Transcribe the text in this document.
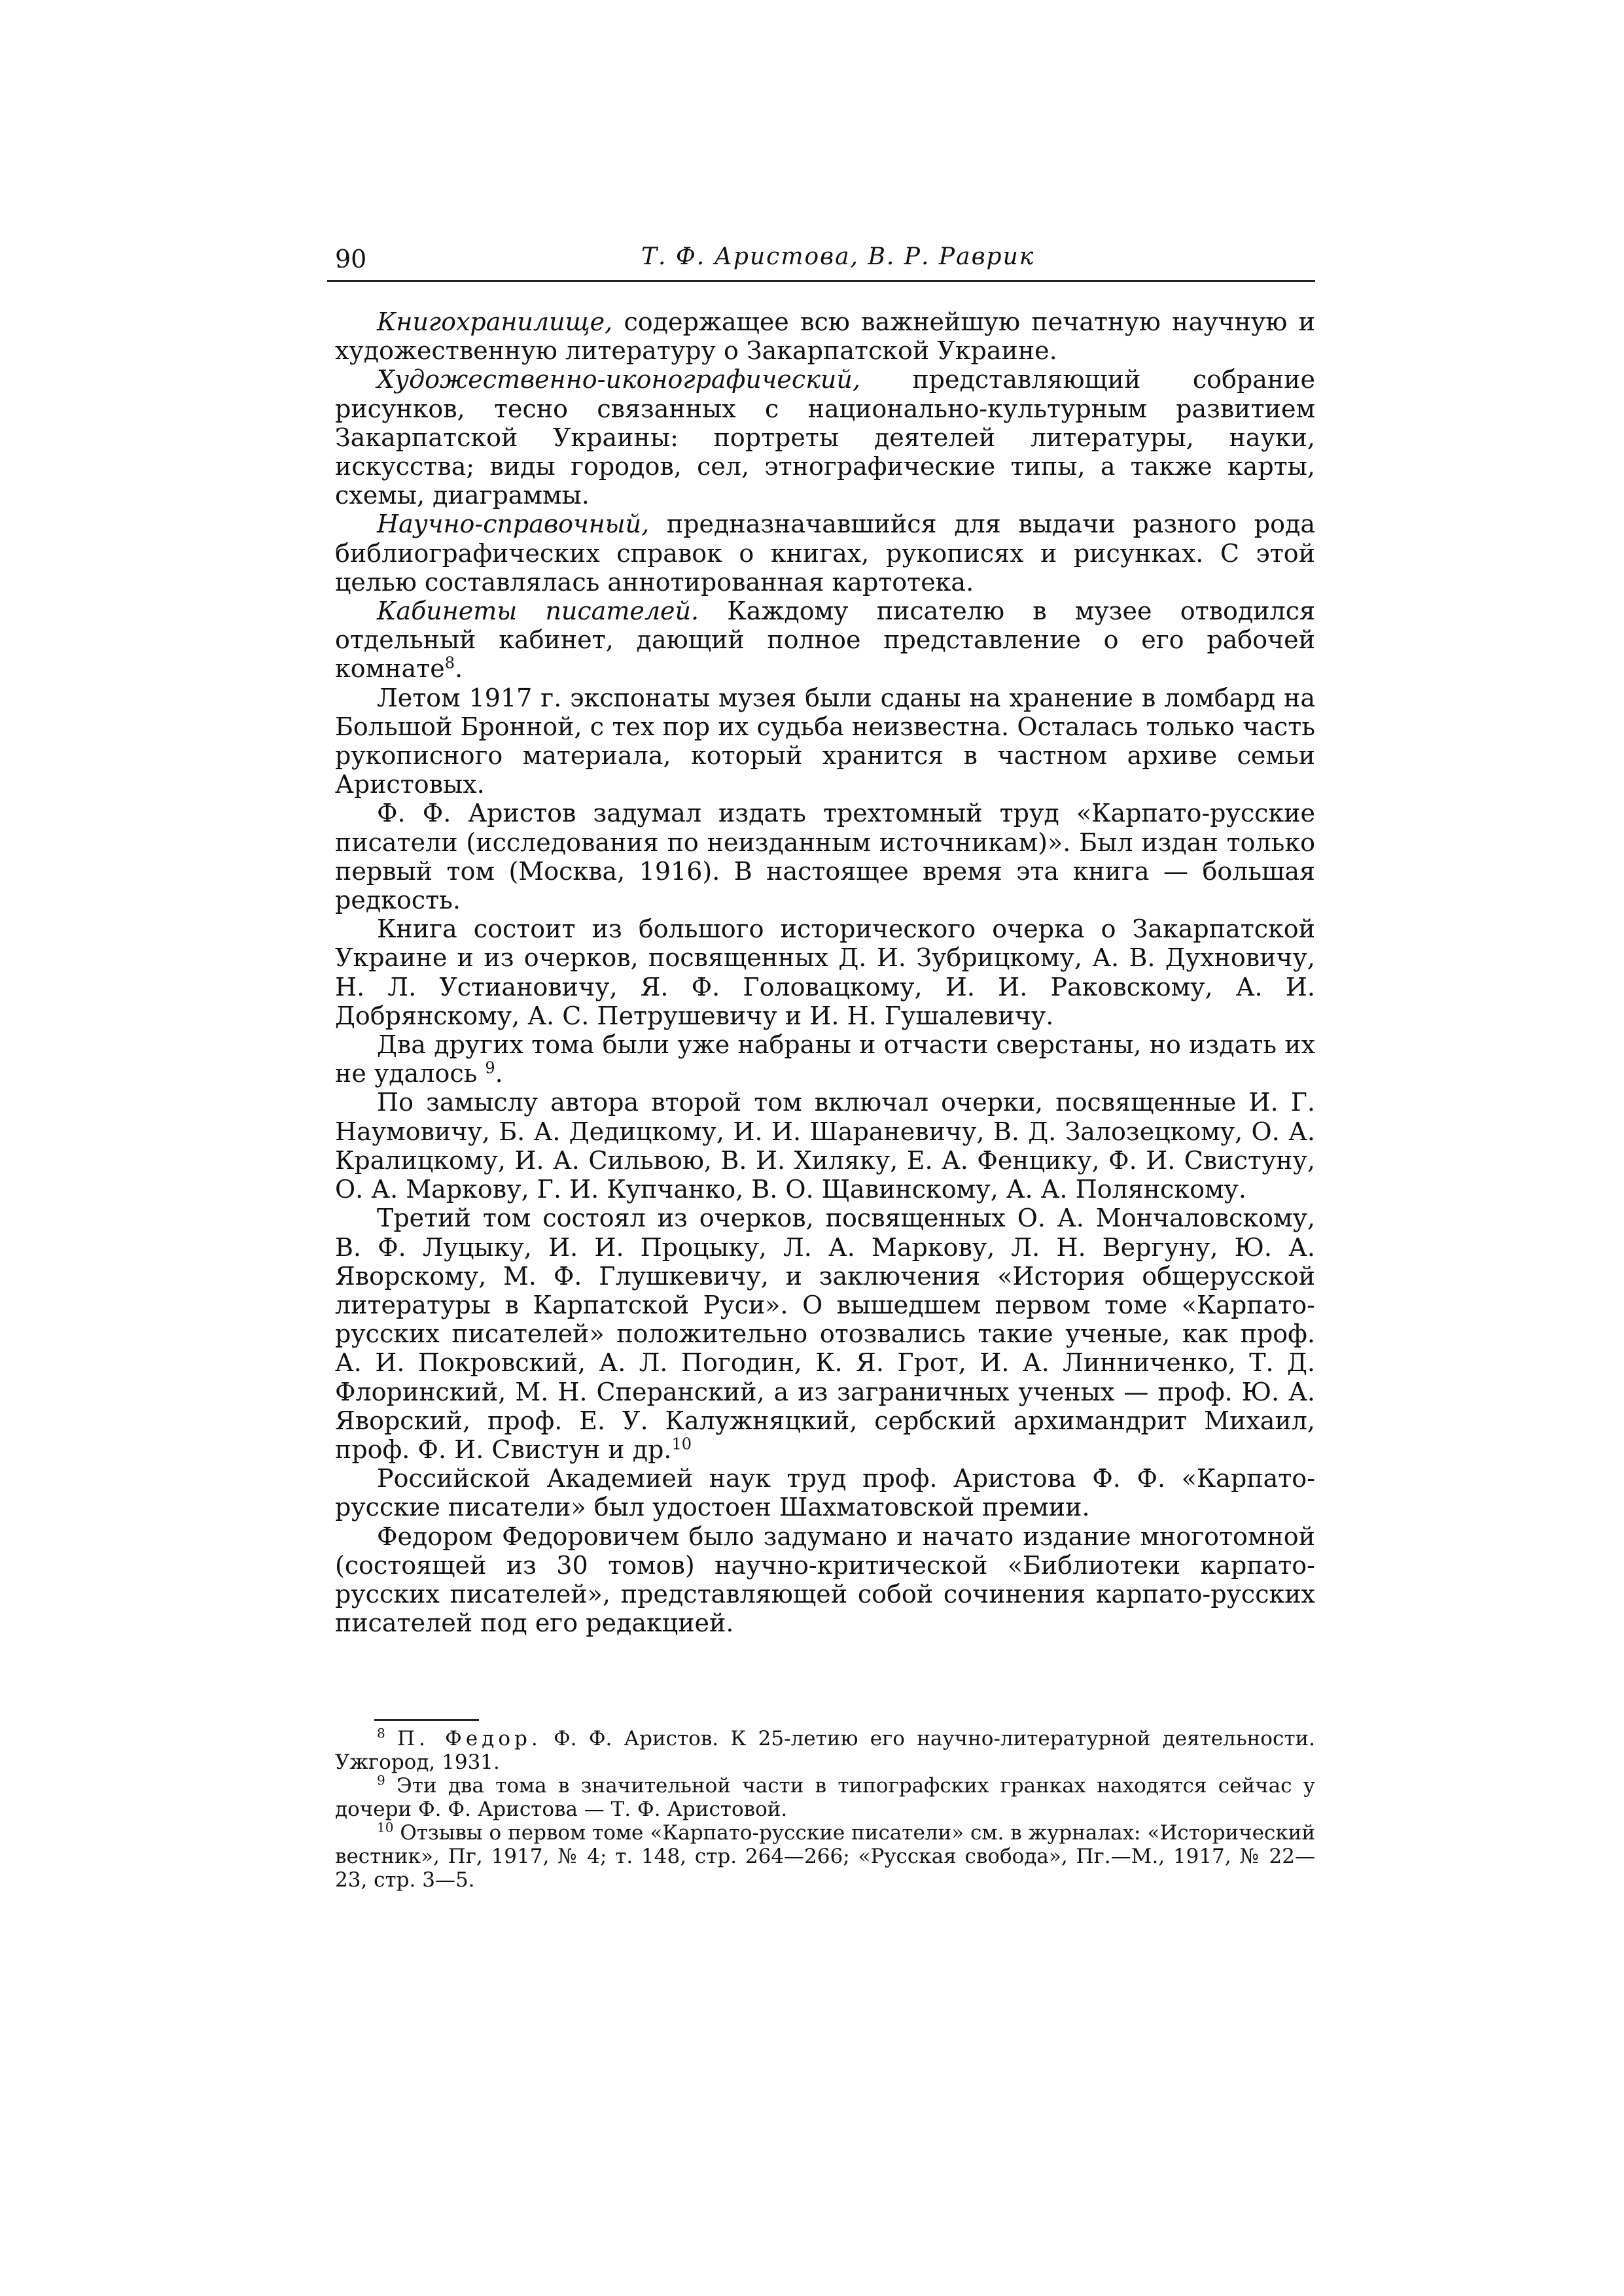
90	Т. Ф. Аристова, В. Р. Раврик

Книгохранилище, содержащее всю важнейшую печатную научную и художественную литературу о Закарпатской Украине.

Художественно-иконографический, представляющий собрание рисунков, тесно связанных с национально-культурным развитием Закарпатской Украины: портреты деятелей литературы, науки, искусства; виды городов, сел, этнографические типы, а также карты, схемы, диаграммы.

Научно-справочный, предназначавшийся для выдачи разного рода библиографических справок о книгах, рукописях и рисунках. С этой целью составлялась аннотированная картотека.

Кабинеты писателей. Каждому писателю в музее отводился отдельный кабинет, дающий полное представление о его рабочей комнате$^8$.

Летом 1917 г. экспонаты музея были сданы на хранение в ломбард на Большой Бронной, с тех пор их судьба неизвестна. Осталась только часть рукописного материала, который хранится в частном архиве семьи Аристовых.

Ф. Ф. Аристов задумал издать трехтомный труд «Карпато-русские писатели (исследования по неизданным источникам)». Был издан только первый том (Москва, 1916). В настоящее время эта книга — большая редкость.

Книга состоит из большого исторического очерка о Закарпатской Украине и из очерков, посвященных Д. И. Зубрицкому, А. В. Духновичу, Н. Л. Устиановичу, Я. Ф. Головацкому, И. И. Раковскому, А. И. Добрянскому, А. С. Петрушевичу и И. Н. Гушалевичу.

Два других тома были уже набраны и отчасти сверстаны, но издать их не удалось $^9$.

По замыслу автора второй том включал очерки, посвященные И. Г. Наумовичу, Б. А. Дедицкому, И. И. Шараневичу, В. Д. Залозецкому, О. А. Кралицкому, И. А. Сильвою, В. И. Хиляку, Е. А. Фенцику, Ф. И. Свистуну, О. А. Маркову, Г. И. Купчанко, В. О. Щавинскому, А. А. Полянскому.

Третий том состоял из очерков, посвященных О. А. Мончаловскому, В. Ф. Луцыку, И. И. Процыку, Л. А. Маркову, Л. Н. Вергуну, Ю. А. Яворскому, М. Ф. Глушкевичу, и заключения «История общерусской литературы в Карпатской Руси». О вышедшем первом томе «Карпато-русских писателей» положительно отозвались такие ученые, как проф. А. И. Покровский, А. Л. Погодин, К. Я. Грот, И. А. Линниченко, Т. Д. Флоринский, М. Н. Сперанский, а из заграничных ученых — проф. Ю. А. Яворский, проф. Е. У. Калужняцкий, сербский архимандрит Михаил, проф. Ф. И. Свистун и др.$^{10}$

Российской Академией наук труд проф. Аристова Ф. Ф. «Карпато-русские писатели» был удостоен Шахматовской премии.

Федором Федоровичем было задумано и начато издание многотомной (состоящей из 30 томов) научно-критической «Библиотеки карпато-русских писателей», представляющей собой сочинения карпато-русских писателей под его редакцией.

$^8$ П. Федор. Ф. Ф. Аристов. К 25-летию его научно-литературной деятельности. Ужгород, 1931.

$^9$ Эти два тома в значительной части в типографских гранках находятся сейчас у дочери Ф. Ф. Аристова — Т. Ф. Аристовой.

$^{10}$ Отзывы о первом томе «Карпато-русские писатели» см. в журналах: «Исторический вестник», Пг, 1917, № 4; т. 148, стр. 264—266; «Русская свобода», Пг.—М., 1917, № 22—23, стр. 3—5.
